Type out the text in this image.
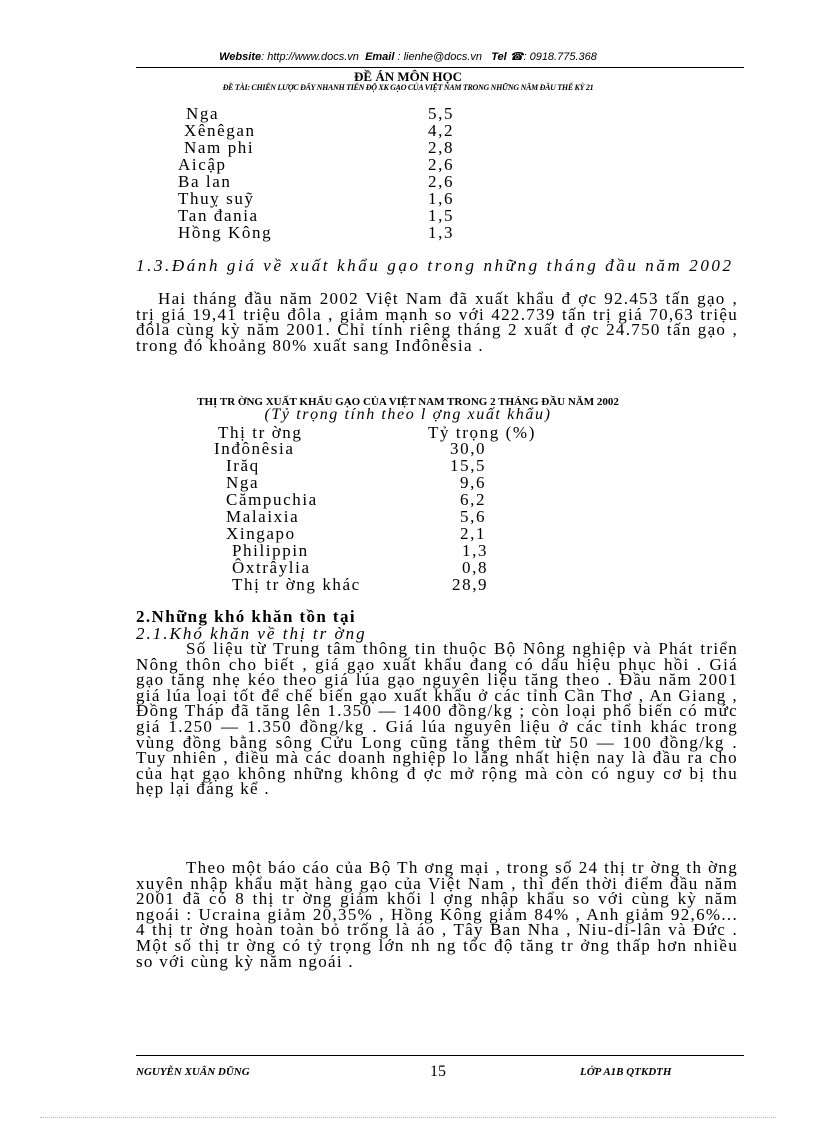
Website: http://www.docs.vn Email : lienhe@docs.vn Tel ☎: 0918.775.368
ĐỀ ÁN MÔN HỌC
ĐỀ TÀI: CHIẾN LƯỢC ĐẨY NHANH TIẾN ĐỘ XK GẠO CỦA VIỆT NAM TRONG NHỮNG NĂM ĐẦU THẾ KỶ 21
Nga	5,5
Xênêgan	4,2
Nam phi	2,8
Aicập	2,6
Ba lan	2,6
Thuỵ suỹ	1,6
Tan đania	1,5
Hồng Kông	1,3
1.3.Đánh giá về xuất khẩu gạo trong những tháng đầu năm 2002
Hai tháng đầu năm 2002 Việt Nam đã xuất khẩu đ ợc 92.453 tấn gạo , trị giá 19,41 triệu đôla , giảm mạnh so với 422.739 tấn trị giá 70,63 triệu đôla cùng kỳ năm 2001. Chỉ tính riêng tháng 2 xuất đ ợc 24.750 tấn gạo , trong đó khoảng 80% xuất sang Inđônêsia .
THỊ TR ỜNG XUẤT KHẨU GẠO CỦA VIỆT NAM TRONG 2 THÁNG ĐẦU NĂM 2002
(Tỷ trọng tính theo l ợng xuất khẩu)
Thị tr ờng	Tỷ trọng (%)
Inđônêsia	30,0
Irăq	15,5
Nga	9,6
Cămpuchia	6,2
Malaixia	5,6
Xingapo	2,1
Philippin	1,3
Ôxtrâylia	0,8
Thị tr ờng khác	28,9
2.Những khó khăn tồn tại
2.1.Khó khăn về thị tr ờng
Số liệu từ Trung tâm thông tin thuộc Bộ Nông nghiệp và Phát triển Nông thôn cho biết , giá gạo xuất khẩu đang có dấu hiệu phục hồi . Giá gạo tăng nhẹ kéo theo giá lúa gạo nguyên liệu tăng theo . Đầu năm 2001 giá lúa loại tốt để chế biến gạo xuất khẩu ở các tỉnh Cần Thơ , An Giang , Đồng Tháp đã tăng lên 1.350 — 1400 đồng/kg ; còn loại phổ biến có mức giá 1.250 — 1.350 đồng/kg . Giá lúa nguyên liệu ở các tỉnh khác trong vùng đồng bằng sông Cửu Long cũng tăng thêm từ 50 — 100 đồng/kg . Tuy nhiên , điều mà các doanh nghiệp lo lắng nhất hiện nay là đầu ra cho của hạt gạo không những không đ ợc mở rộng mà còn có nguy cơ bị thu hẹp lại đáng kể .
Theo một báo cáo của Bộ Th ơng mại , trong số 24 thị tr ờng th ờng xuyên nhập khẩu mặt hàng gạo của Việt Nam , thì đến thời điểm đầu năm 2001 đã có 8 thị tr ờng giảm khối l ợng nhập khẩu so với cùng kỳ năm ngoái : Ucraina giảm 20,35% , Hồng Kông giảm 84% , Anh giảm 92,6%... 4 thị tr ờng hoàn toàn bỏ trống là áo , Tây Ban Nha , Niu-di-lân và Đức . Một số thị tr ờng có tỷ trọng lớn nh ng tốc độ tăng tr ởng thấp hơn nhiều so với cùng kỳ năm ngoái .
NGUYỄN XUÂN DŨNG	15	LỚP A1B QTKDTH
